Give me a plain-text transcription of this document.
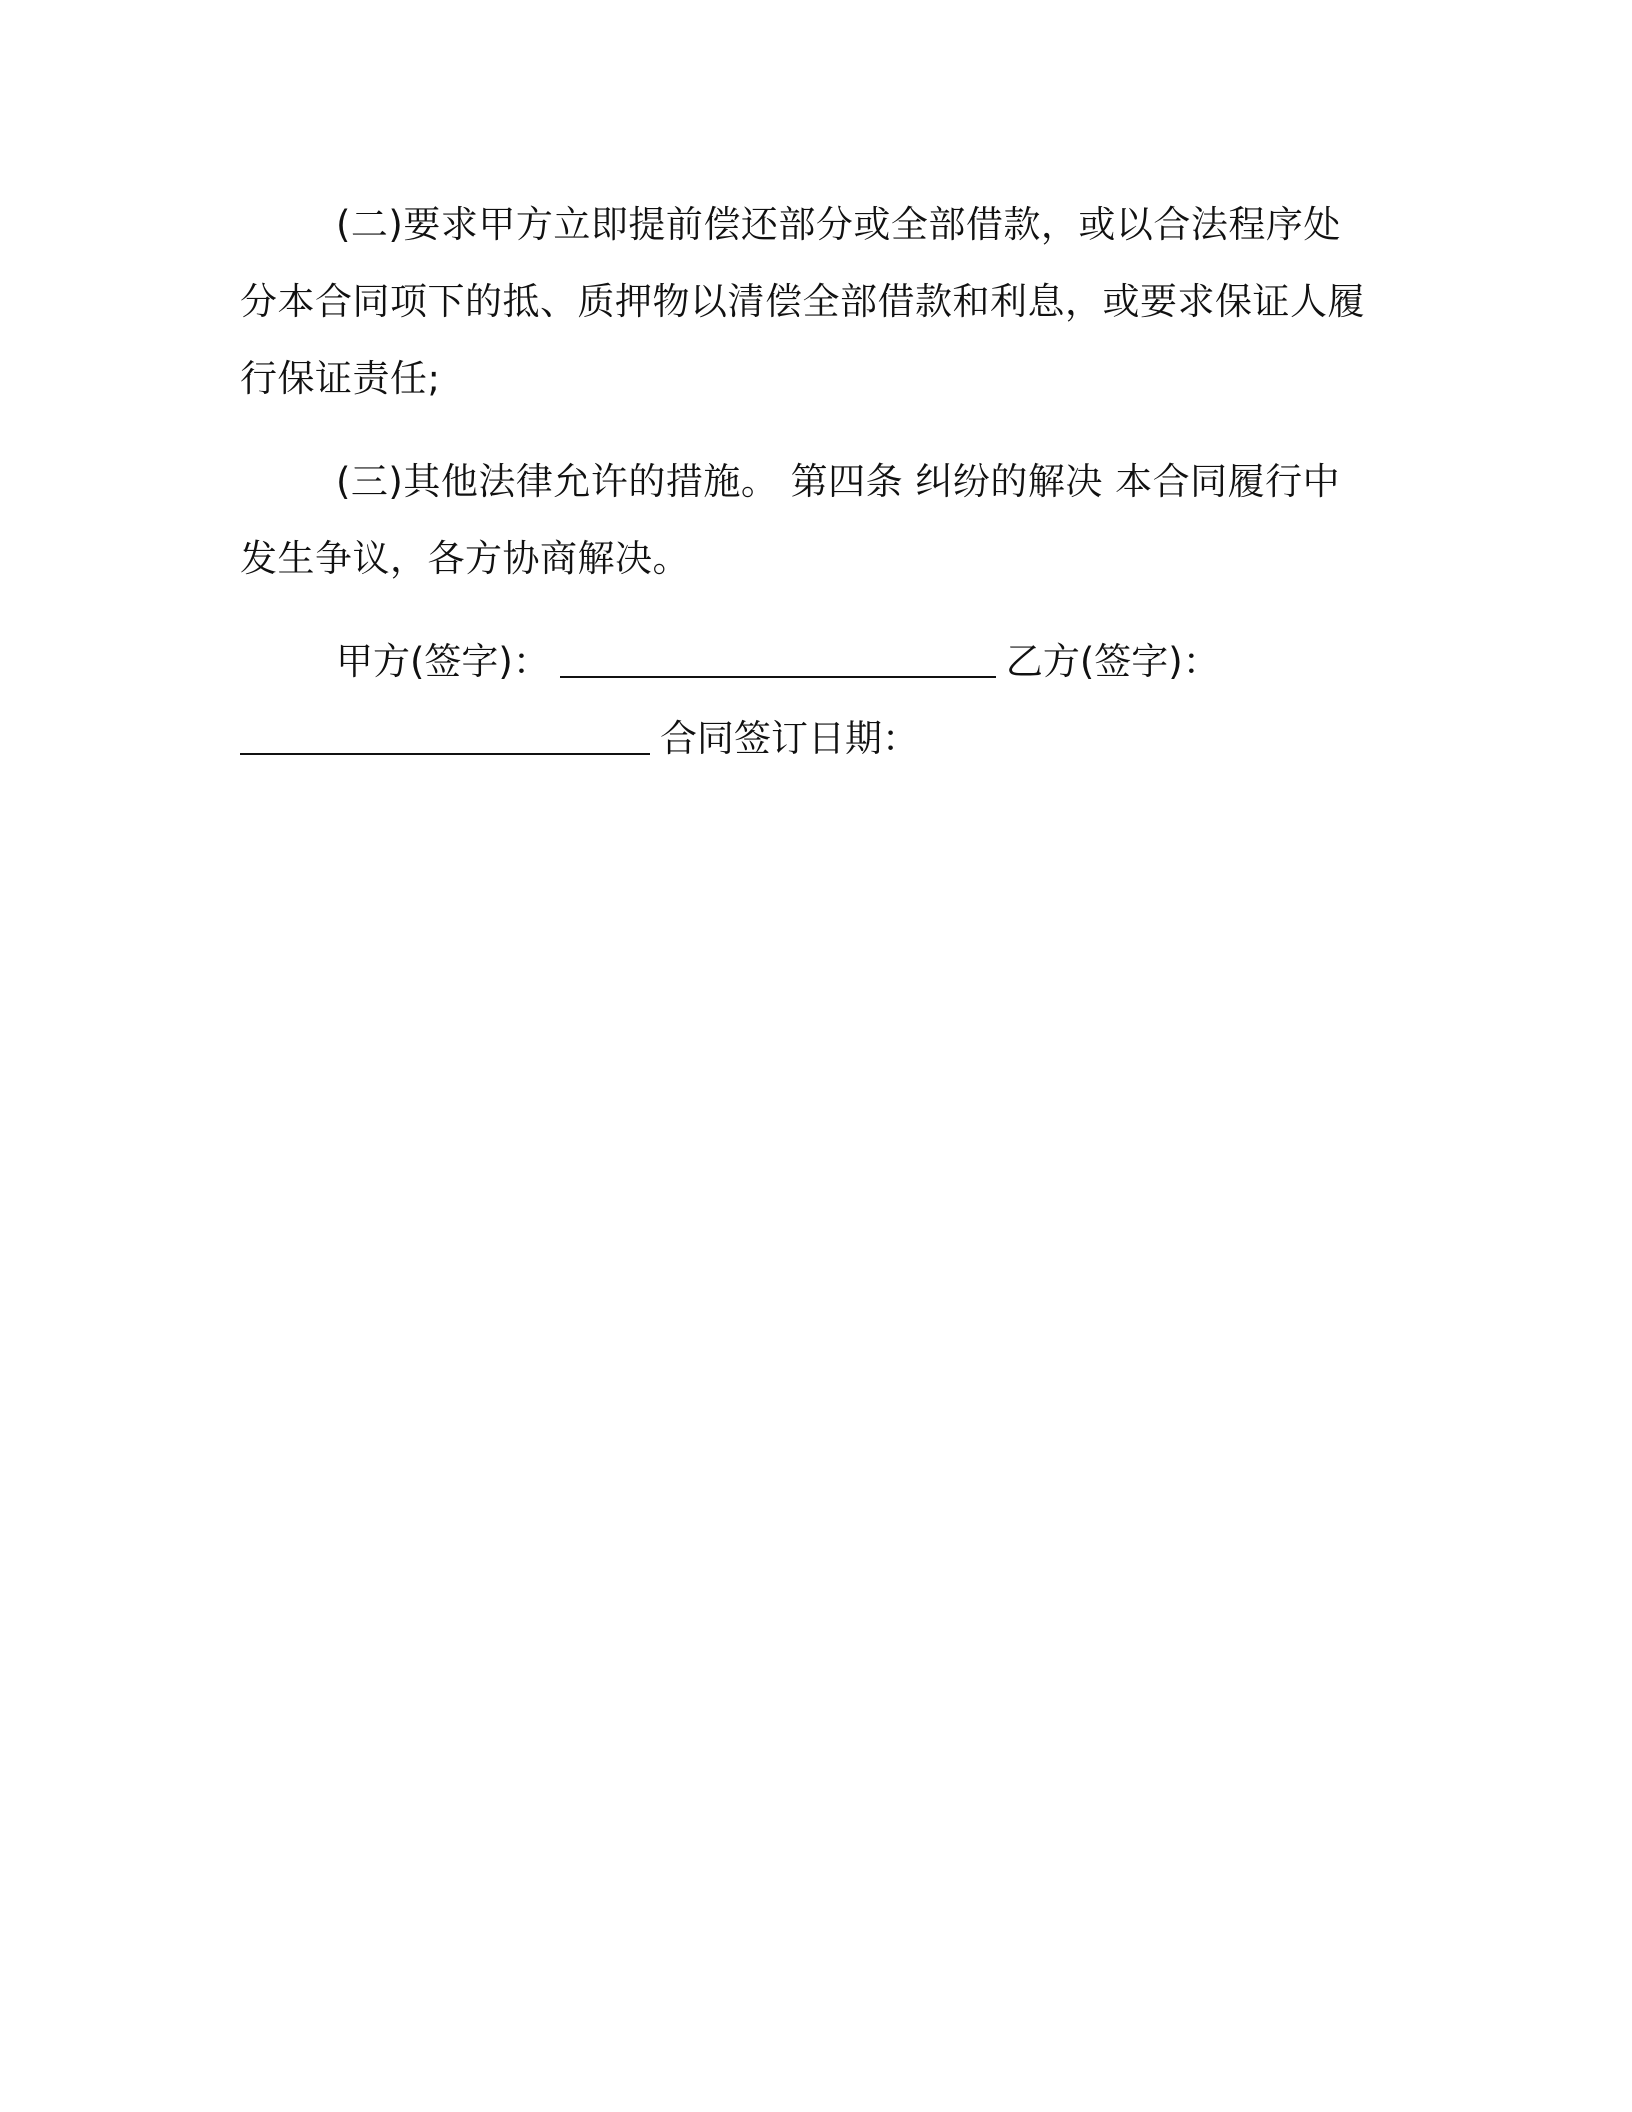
(二)要求甲方立即提前偿还部分或全部借款，或以合法程序处分本合同项下的抵、质押物以清偿全部借款和利息，或要求保证人履行保证责任;

(三)其他法律允许的措施。 第四条 纠纷的解决 本合同履行中发生争议，各方协商解决。

甲方(签字)：	乙方(签字)：合同签订日期：
